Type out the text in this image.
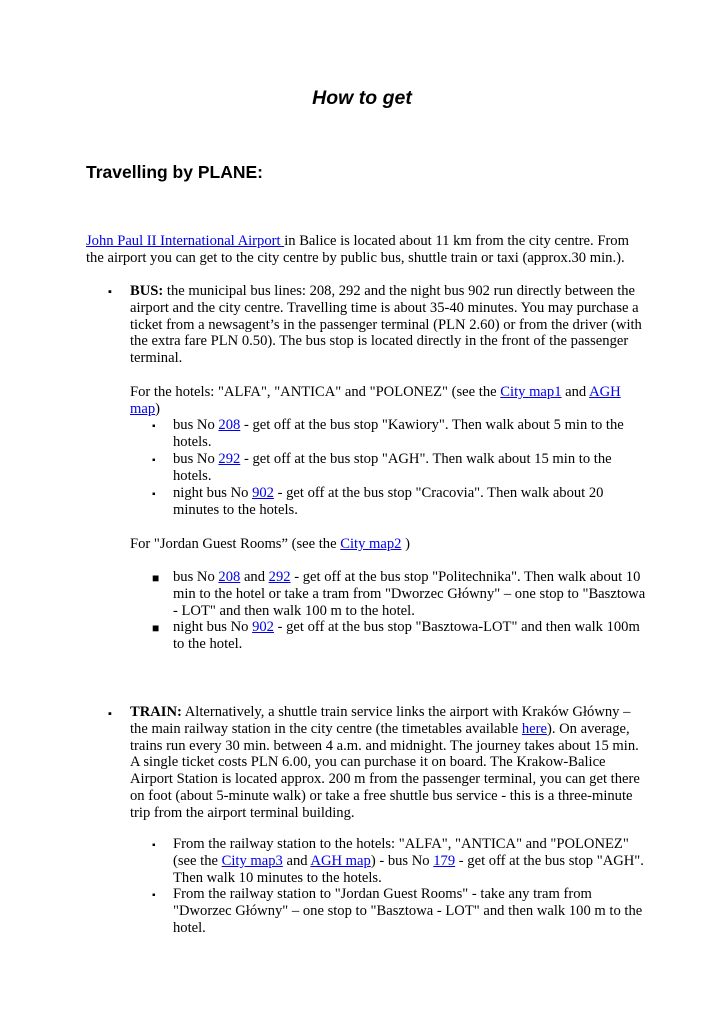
How to get
Travelling by PLANE:

John Paul II International Airport in Balice is located about 11 km from the city centre. From the airport you can get to the city centre by public bus, shuttle train or taxi (approx.30 min.).

▪	BUS: the municipal bus lines: 208, 292 and the night bus 902 run directly between the airport and the city centre. Travelling time is about 35-40 minutes. You may purchase a ticket from a newsagent’s in the passenger terminal (PLN 2.60) or from the driver (with the extra fare PLN 0.50). The bus stop is located directly in the front of the passenger terminal.

For the hotels: "ALFA", "ANTICA" and "POLONEZ" (see the City map1 and AGH map)

▪ bus No 208 - get off at the bus stop "Kawiory". Then walk about 5 min to the hotels.
▪ bus No 292 - get off at the bus stop "AGH". Then walk about 15 min to the hotels.
▪ night bus No 902 - get off at the bus stop "Cracovia". Then walk about 20 minutes to the hotels.

For "Jordan Guest Rooms” (see the City map2 )

■ bus No 208 and 292 - get off at the bus stop "Politechnika". Then walk about 10 min to the hotel or take a tram from "Dworzec Główny" – one stop to "Basztowa - LOT" and then walk 100 m to the hotel.
■ night bus No 902 - get off at the bus stop "Basztowa-LOT" and then walk 100m to the hotel.
▪	TRAIN: Alternatively, a shuttle train service links the airport with Kraków Główny – the main railway station in the city centre (the timetables available here). On average, trains run every 30 min. between 4 a.m. and midnight. The journey takes about 15 min. A single ticket costs PLN 6.00, you can purchase it on board. The Krakow-Balice Airport Station is located approx. 200 m from the passenger terminal, you can get there on foot (about 5-minute walk) or take a free shuttle bus service - this is a three-minute trip from the airport terminal building.

▪ From the railway station to the hotels: "ALFA", "ANTICA" and "POLONEZ" (see the City map3 and AGH map) - bus No 179 - get off at the bus stop "AGH". Then walk 10 minutes to the hotels.
▪ From the railway station to "Jordan Guest Rooms" - take any tram from "Dworzec Główny" – one stop to "Basztowa - LOT" and then walk 100 m to the hotel.
